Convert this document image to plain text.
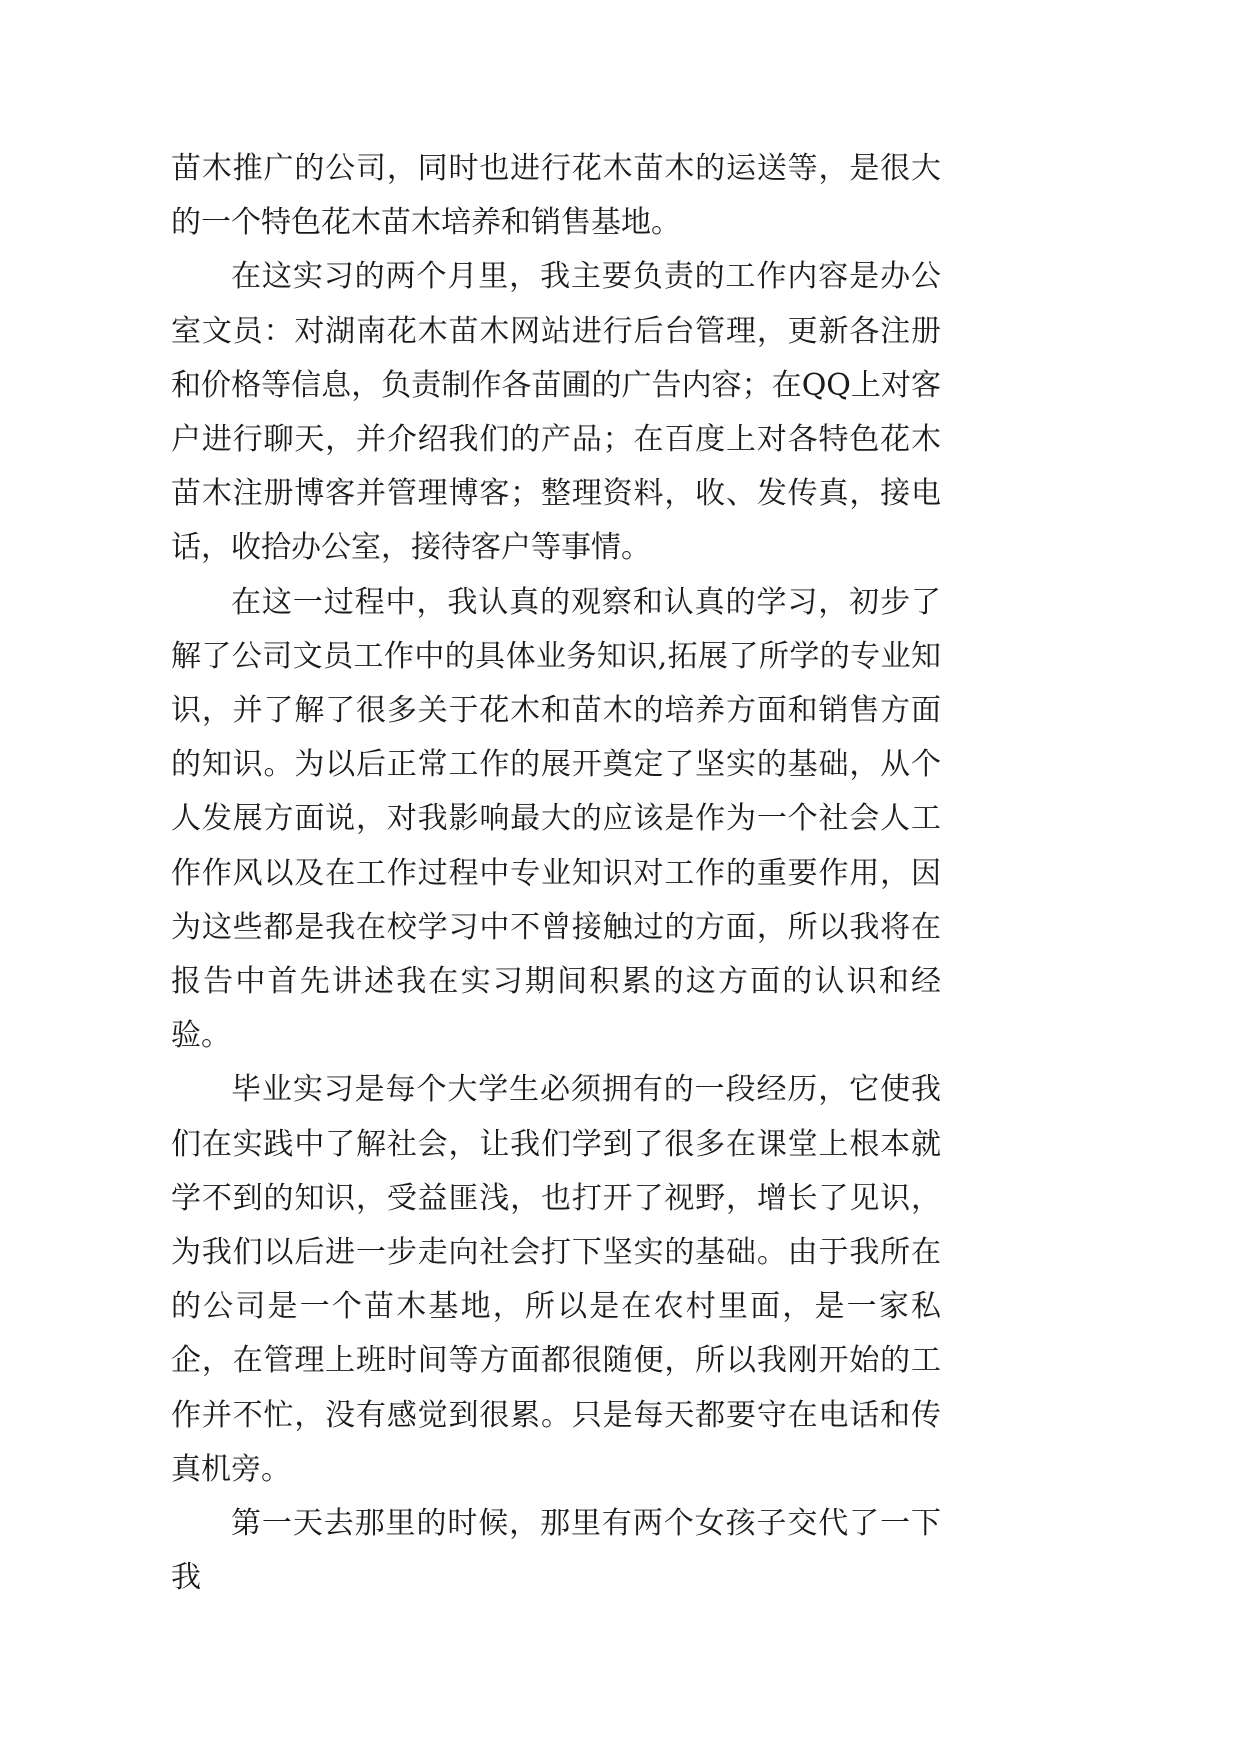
苗木推广的公司，同时也进行花木苗木的运送等，是很大的一个特色花木苗木培养和销售基地。

在这实习的两个月里，我主要负责的工作内容是办公室文员：对湖南花木苗木网站进行后台管理，更新各注册和价格等信息，负责制作各苗圃的广告内容；在QQ上对客户进行聊天，并介绍我们的产品；在百度上对各特色花木苗木注册博客并管理博客；整理资料，收、发传真，接电话，收拾办公室，接待客户等事情。

在这一过程中，我认真的观察和认真的学习，初步了解了公司文员工作中的具体业务知识,拓展了所学的专业知识，并了解了很多关于花木和苗木的培养方面和销售方面的知识。为以后正常工作的展开奠定了坚实的基础，从个人发展方面说，对我影响最大的应该是作为一个社会人工作作风以及在工作过程中专业知识对工作的重要作用，因为这些都是我在校学习中不曾接触过的方面，所以我将在报告中首先讲述我在实习期间积累的这方面的认识和经验。

毕业实习是每个大学生必须拥有的一段经历，它使我们在实践中了解社会，让我们学到了很多在课堂上根本就学不到的知识，受益匪浅，也打开了视野，增长了见识，为我们以后进一步走向社会打下坚实的基础。由于我所在的公司是一个苗木基地，所以是在农村里面，是一家私企，在管理上班时间等方面都很随便，所以我刚开始的工作并不忙，没有感觉到很累。只是每天都要守在电话和传真机旁。

第一天去那里的时候，那里有两个女孩子交代了一下我
